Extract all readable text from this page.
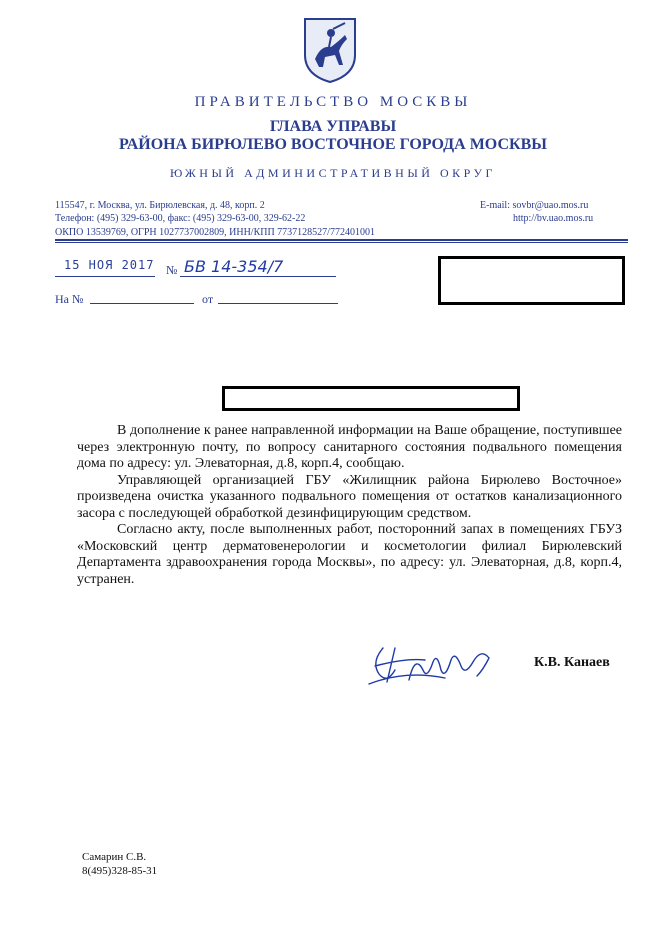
ПРАВИТЕЛЬСТВО МОСКВЫ
ГЛАВА УПРАВЫ
РАЙОНА БИРЮЛЕВО ВОСТОЧНОЕ ГОРОДА МОСКВЫ
ЮЖНЫЙ АДМИНИСТРАТИВНЫЙ ОКРУГ
115547, г. Москва, ул. Бирюлевская, д. 48, корп. 2
Телефон: (495) 329-63-00, факс: (495) 329-63-00, 329-62-22
ОКПО 13539769, ОГРН 1027737002809, ИНН/КПП 7737128527/772401001
E-mail: sovbr@uao.mos.ru
http://bv.uao.mos.ru
15 НОЯ 2017 № БВ 14-354/7
На №	от

В дополнение к ранее направленной информации на Ваше обращение, поступившее через электронную почту, по вопросу санитарного состояния подвального помещения дома по адресу: ул. Элеваторная, д.8, корп.4, сообщаю.

Управляющей организацией ГБУ «Жилищник района Бирюлево Восточное» произведена очистка указанного подвального помещения от остатков канализационного засора с последующей обработкой дезинфицирующим средством.

Согласно акту, после выполненных работ, посторонний запах в помещениях ГБУЗ «Московский центр дерматовенерологии и косметологии филиал Бирюлевский Департамента здравоохранения города Москвы», по адресу: ул. Элеваторная, д.8, корп.4, устранен.

К.В. Канаев
Самарин С.В.
8(495)328-85-31
